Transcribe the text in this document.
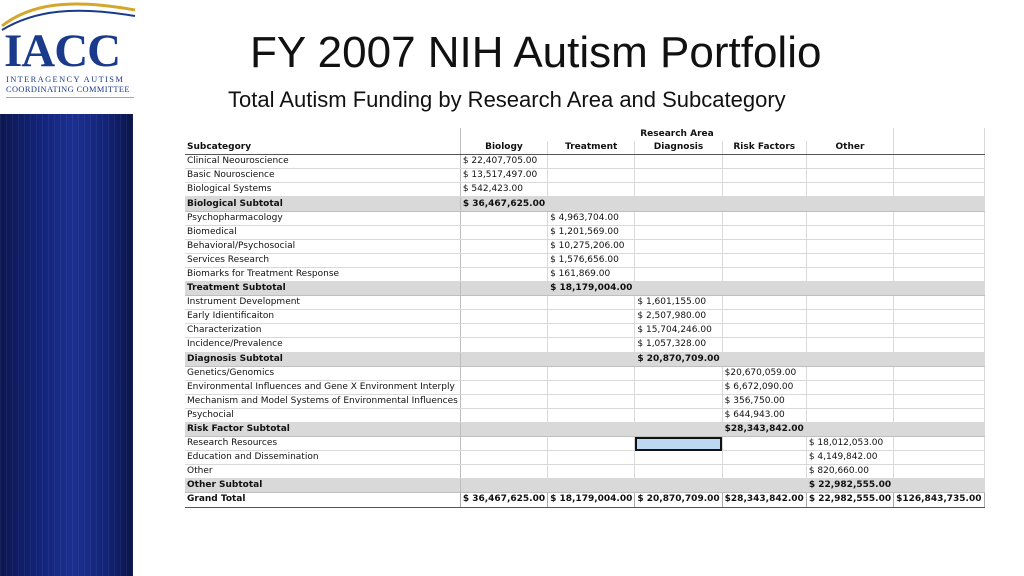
IACC
INTERAGENCY AUTISM
COORDINATING COMMITTEE
FY 2007 NIH Autism Portfolio
Total Autism Funding by Research Area and Subcategory
	Research Area					
Subcategory	Biology	Treatment	Diagnosis	Risk Factors	Other	
Clinical Neouroscience	$ 22,407,705.00					
Basic Nouroscience	$ 13,517,497.00					
Biological Systems	$ 542,423.00					
Biological Subtotal	$ 36,467,625.00					
Psychopharmacology		$ 4,963,704.00				
Biomedical		$ 1,201,569.00				
Behavioral/Psychosocial		$ 10,275,206.00				
Services Research		$ 1,576,656.00				
Biomarks for Treatment Response		$ 161,869.00				
Treatment Subtotal		$ 18,179,004.00				
Instrument Development			$ 1,601,155.00			
Early Idientificaiton			$ 2,507,980.00			
Characterization			$ 15,704,246.00			
Incidence/Prevalence			$ 1,057,328.00			
Diagnosis Subtotal			$ 20,870,709.00			
Genetics/Genomics				$20,670,059.00		
Environmental Influences and Gene X Environment Interply				$ 6,672,090.00		
Mechanism and Model Systems of Environmental Influences				$ 356,750.00		
Psychocial				$ 644,943.00		
Risk Factor Subtotal				$28,343,842.00		
Research Resources					$ 18,012,053.00	
Education and Dissemination					$ 4,149,842.00	
Other					$ 820,660.00	
Other Subtotal					$ 22,982,555.00	
Grand Total	$ 36,467,625.00	$ 18,179,004.00	$ 20,870,709.00	$28,343,842.00	$ 22,982,555.00	$126,843,735.00
